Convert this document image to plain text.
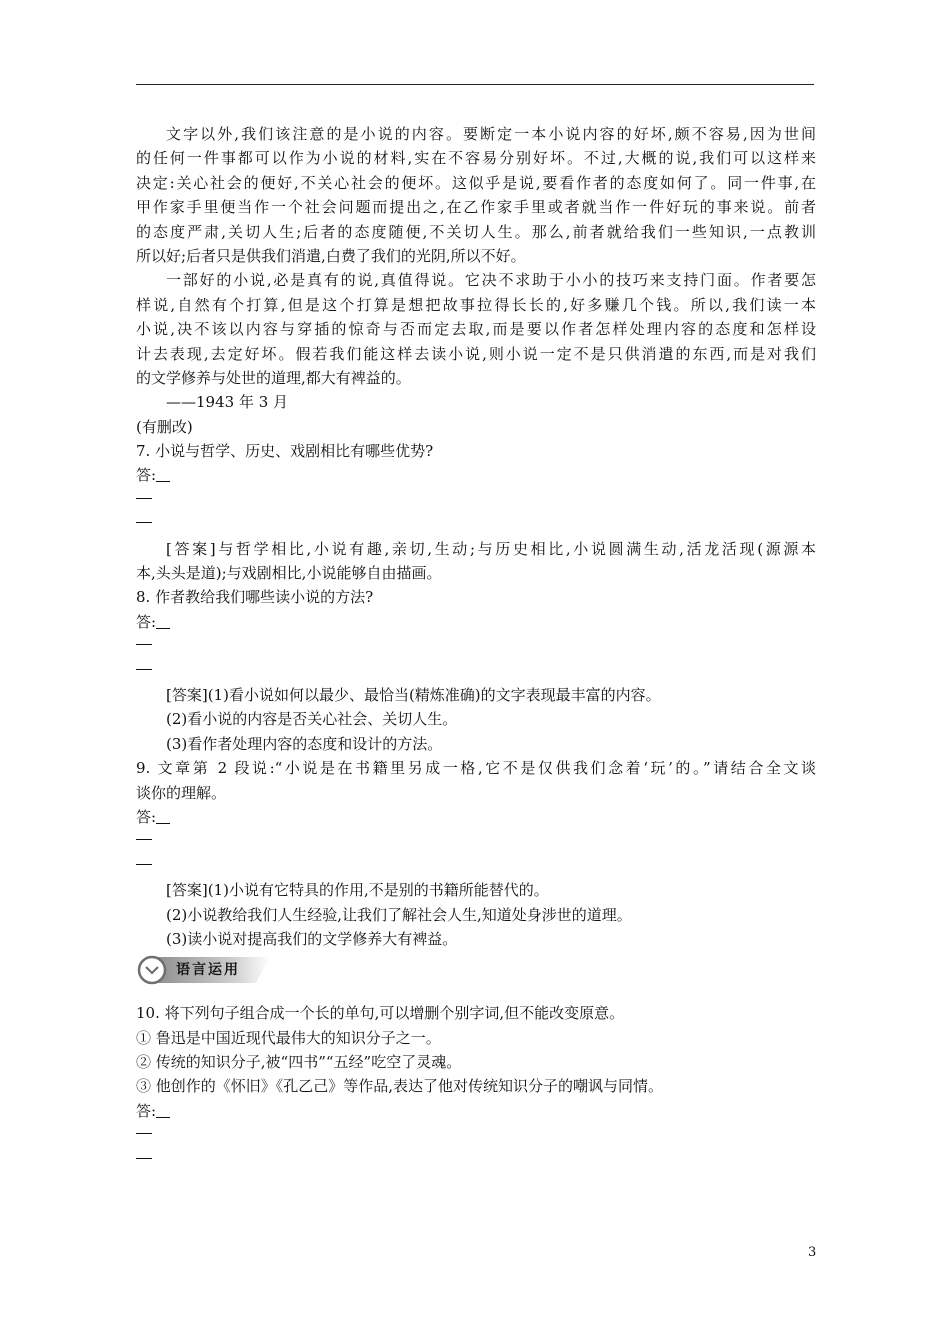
文字以外,我们该注意的是小说的内容。要断定一本小说内容的好坏,颇不容易,因为世间
的任何一件事都可以作为小说的材料,实在不容易分别好坏。不过,大概的说,我们可以这样来
决定:关心社会的便好,不关心社会的便坏。这似乎是说,要看作者的态度如何了。同一件事,在
甲作家手里便当作一个社会问题而提出之,在乙作家手里或者就当作一件好玩的事来说。前者
的态度严肃,关切人生;后者的态度随便,不关切人生。那么,前者就给我们一些知识,一点教训
所以好;后者只是供我们消遣,白费了我们的光阴,所以不好。
一部好的小说,必是真有的说,真值得说。它决不求助于小小的技巧来支持门面。作者要怎
样说,自然有个打算,但是这个打算是想把故事拉得长长的,好多赚几个钱。所以,我们读一本
小说,决不该以内容与穿插的惊奇与否而定去取,而是要以作者怎样处理内容的态度和怎样设
计去表现,去定好坏。假若我们能这样去读小说,则小说一定不是只供消遣的东西,而是对我们
的文学修养与处世的道理,都大有裨益的。
——1943 年 3 月
(有删改)
7. 小说与哲学、历史、戏剧相比有哪些优势?
答:
[答案]与哲学相比,小说有趣,亲切,生动;与历史相比,小说圆满生动,活龙活现(源源本
本,头头是道);与戏剧相比,小说能够自由描画。
8. 作者教给我们哪些读小说的方法?
答:
[答案](1)看小说如何以最少、最恰当(精炼准确)的文字表现最丰富的内容。
(2)看小说的内容是否关心社会、关切人生。
(3)看作者处理内容的态度和设计的方法。
9. 文章第 2 段说:“小说是在书籍里另成一格,它不是仅供我们念着‘玩’的。”请结合全文谈
谈你的理解。
答:
[答案](1)小说有它特具的作用,不是别的书籍所能替代的。
(2)小说教给我们人生经验,让我们了解社会人生,知道处身涉世的道理。
(3)读小说对提高我们的文学修养大有裨益。
语言运用
10. 将下列句子组合成一个长的单句,可以增删个别字词,但不能改变原意。
① 鲁迅是中国近现代最伟大的知识分子之一。
② 传统的知识分子,被“四书”“五经”吃空了灵魂。
③ 他创作的《怀旧》《孔乙己》等作品,表达了他对传统知识分子的嘲讽与同情。
答:
3
